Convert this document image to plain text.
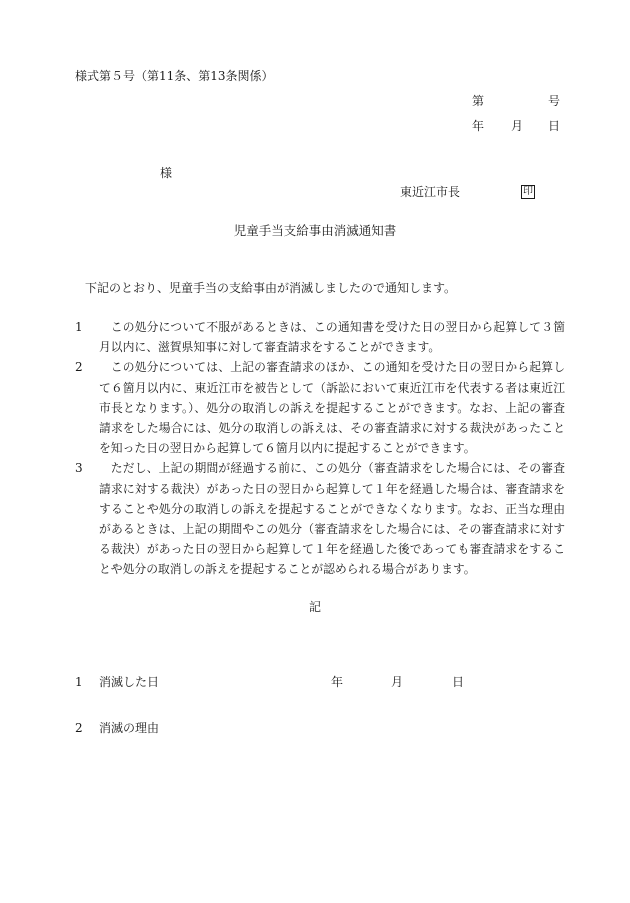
様式第５号（第11条、第13条関係）
第	号
年 月 日
様
東近江市長	印
児童手当支給事由消滅通知書
下記のとおり、児童手当の支給事由が消滅しましたので通知します。
1	この処分について不服があるときは、この通知書を受けた日の翌日から起算して３箇月以内に、滋賀県知事に対して審査請求をすることができます。
2	この処分については、上記の審査請求のほか、この通知を受けた日の翌日から起算して６箇月以内に、東近江市を被告として（訴訟において東近江市を代表する者は東近江市長となります。）、処分の取消しの訴えを提起することができます。なお、上記の審査請求をした場合には、処分の取消しの訴えは、その審査請求に対する裁決があったことを知った日の翌日から起算して６箇月以内に提起することができます。
3	ただし、上記の期間が経過する前に、この処分（審査請求をした場合には、その審査請求に対する裁決）があった日の翌日から起算して１年を経過した場合は、審査請求をすることや処分の取消しの訴えを提起することができなくなります。なお、正当な理由があるときは、上記の期間やこの処分（審査請求をした場合には、その審査請求に対する裁決）があった日の翌日から起算して１年を経過した後であっても審査請求をすることや処分の取消しの訴えを提起することが認められる場合があります。
記
1 消滅した日	年	月	日
2 消滅の理由
